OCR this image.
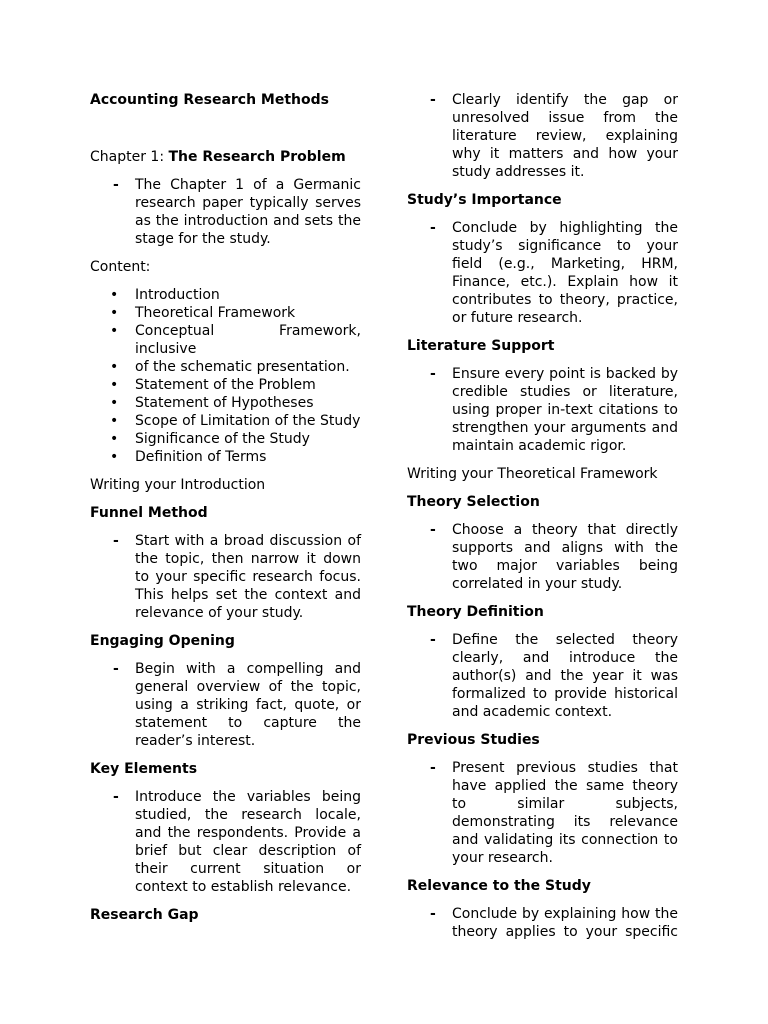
Accounting Research Methods

Chapter 1: The Research Problem

- The Chapter 1 of a Germanic research paper typically serves as the introduction and sets the stage for the study.

Content:

• Introduction
• Theoretical Framework
• Conceptual Framework, inclusive
• of the schematic presentation.
• Statement of the Problem
• Statement of Hypotheses
• Scope of Limitation of the Study
• Significance of the Study
• Definition of Terms

Writing your Introduction

Funnel Method

- Start with a broad discussion of the topic, then narrow it down to your specific research focus. This helps set the context and relevance of your study.

Engaging Opening

- Begin with a compelling and general overview of the topic, using a striking fact, quote, or statement to capture the reader’s interest.

Key Elements

- Introduce the variables being studied, the research locale, and the respondents. Provide a brief but clear description of their current situation or context to establish relevance.

Research Gap

- Clearly identify the gap or unresolved issue from the literature review, explaining why it matters and how your study addresses it.

Study’s Importance

- Conclude by highlighting the study’s significance to your field (e.g., Marketing, HRM, Finance, etc.). Explain how it contributes to theory, practice, or future research.

Literature Support

- Ensure every point is backed by credible studies or literature, using proper in-text citations to strengthen your arguments and maintain academic rigor.

Writing your Theoretical Framework

Theory Selection

- Choose a theory that directly supports and aligns with the two major variables being correlated in your study.

Theory Definition

- Define the selected theory clearly, and introduce the author(s) and the year it was formalized to provide historical and academic context.

Previous Studies

- Present previous studies that have applied the same theory to similar subjects, demonstrating its relevance and validating its connection to your research.

Relevance to the Study

- Conclude by explaining how the theory applies to your specific
